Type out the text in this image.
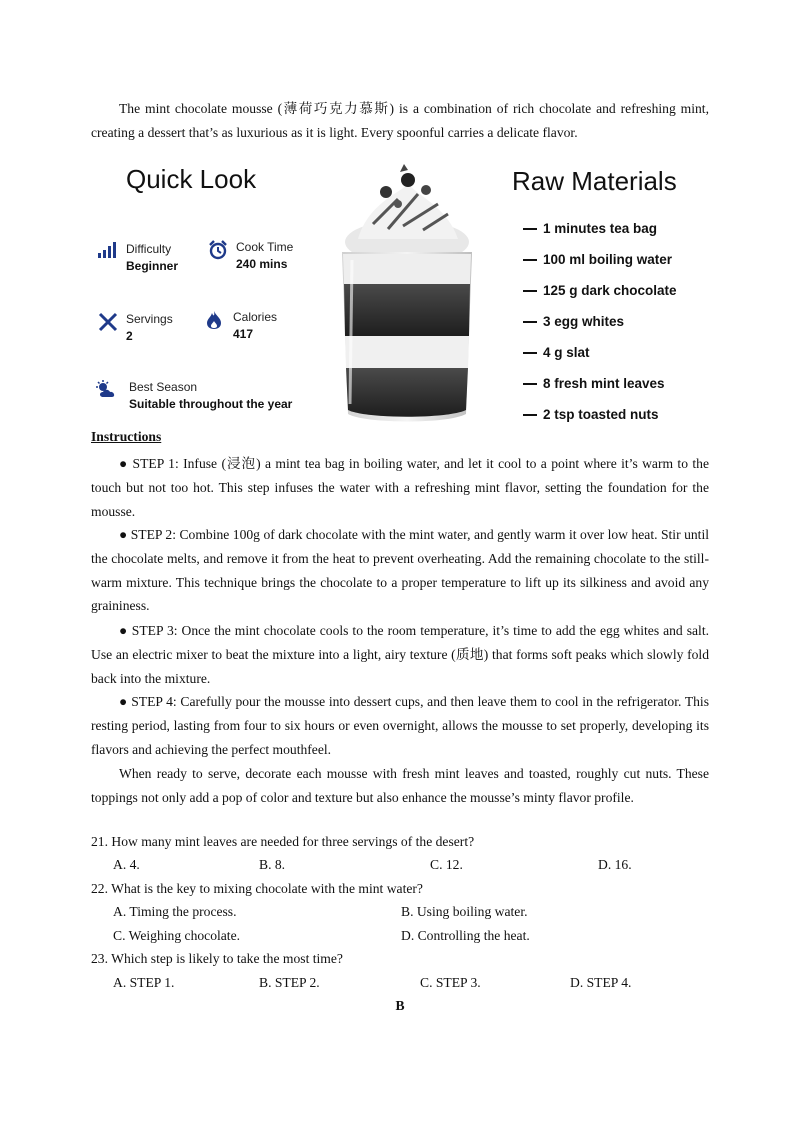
The mint chocolate mousse (薄荷巧克力慕斯) is a combination of rich chocolate and refreshing mint, creating a dessert that’s as luxurious as it is light. Every spoonful carries a delicate flavor.

Quick Look
Difficulty
Beginner
Cook Time
240 mins
Servings
2
Calories
417
Best Season
Suitable throughout the year
Raw Materials
1 minutes tea bag
100 ml boiling water
125 g dark chocolate
3 egg whites
4 g slat
8 fresh mint leaves
2 tsp toasted nuts

Instructions

● STEP 1: Infuse (浸泡) a mint tea bag in boiling water, and let it cool to a point where it’s warm to the touch but not too hot. This step infuses the water with a refreshing mint flavor, setting the foundation for the mousse.

● STEP 2: Combine 100g of dark chocolate with the mint water, and gently warm it over low heat. Stir until the chocolate melts, and remove it from the heat to prevent overheating. Add the remaining chocolate to the still-warm mixture. This technique brings the chocolate to a proper temperature to lift up its silkiness and avoid any graininess.

● STEP 3: Once the mint chocolate cools to the room temperature, it’s time to add the egg whites and salt. Use an electric mixer to beat the mixture into a light, airy texture (质地) that forms soft peaks which slowly fold back into the mixture.

● STEP 4: Carefully pour the mousse into dessert cups, and then leave them to cool in the refrigerator. This resting period, lasting from four to six hours or even overnight, allows the mousse to set properly, developing its flavors and achieving the perfect mouthfeel.

When ready to serve, decorate each mousse with fresh mint leaves and toasted, roughly cut nuts. These toppings not only add a pop of color and texture but also enhance the mousse’s minty flavor profile.

21. How many mint leaves are needed for three servings of the desert?

A. 4.	B. 8.	C. 12.	D. 16.

22. What is the key to mixing chocolate with the mint water?

A. Timing the process.	B. Using boiling water.

C. Weighing chocolate.	D. Controlling the heat.

23. Which step is likely to take the most time?

A. STEP 1.	B. STEP 2.	C. STEP 3.	D. STEP 4.

B
